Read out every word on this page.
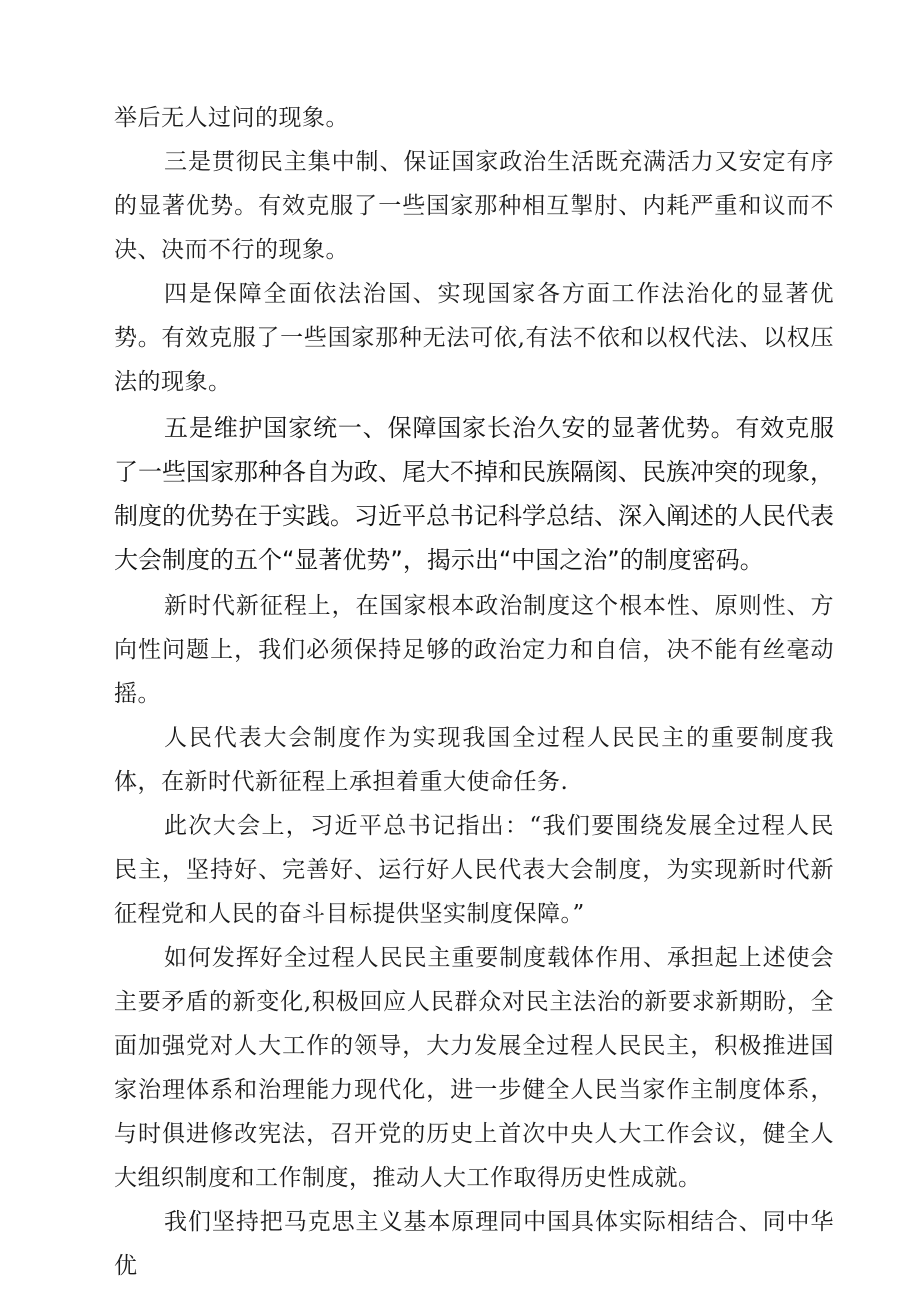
举后无人过问的现象。

三是贯彻民主集中制、保证国家政治生活既充满活力又安定有序的显著优势。有效克服了一些国家那种相互掣肘、内耗严重和议而不决、决而不行的现象。

四是保障全面依法治国、实现国家各方面工作法治化的显著优势。有效克服了一些国家那种无法可依,有法不依和以权代法、以权压法的现象。

五是维护国家统一、保障国家长治久安的显著优势。有效克服了一些国家那种各自为政、尾大不掉和民族隔阂、民族冲突的现象，制度的优势在于实践。习近平总书记科学总结、深入阐述的人民代表大会制度的五个“显著优势”，揭示出“中国之治”的制度密码。

新时代新征程上，在国家根本政治制度这个根本性、原则性、方向性问题上，我们必须保持足够的政治定力和自信，决不能有丝毫动摇。

人民代表大会制度作为实现我国全过程人民民主的重要制度我体，在新时代新征程上承担着重大使命任务.

此次大会上，习近平总书记指出：“我们要围绕发展全过程人民民主，坚持好、完善好、运行好人民代表大会制度，为实现新时代新征程党和人民的奋斗目标提供坚实制度保障。”

如何发挥好全过程人民民主重要制度载体作用、承担起上述使会主要矛盾的新变化,积极回应人民群众对民主法治的新要求新期盼，全面加强党对人大工作的领导，大力发展全过程人民民主，积极推进国家治理体系和治理能力现代化，进一步健全人民当家作主制度体系，与时俱进修改宪法，召开党的历史上首次中央人大工作会议，健全人大组织制度和工作制度，推动人大工作取得历史性成就。

我们坚持把马克思主义基本原理同中国具体实际相结合、同中华优
